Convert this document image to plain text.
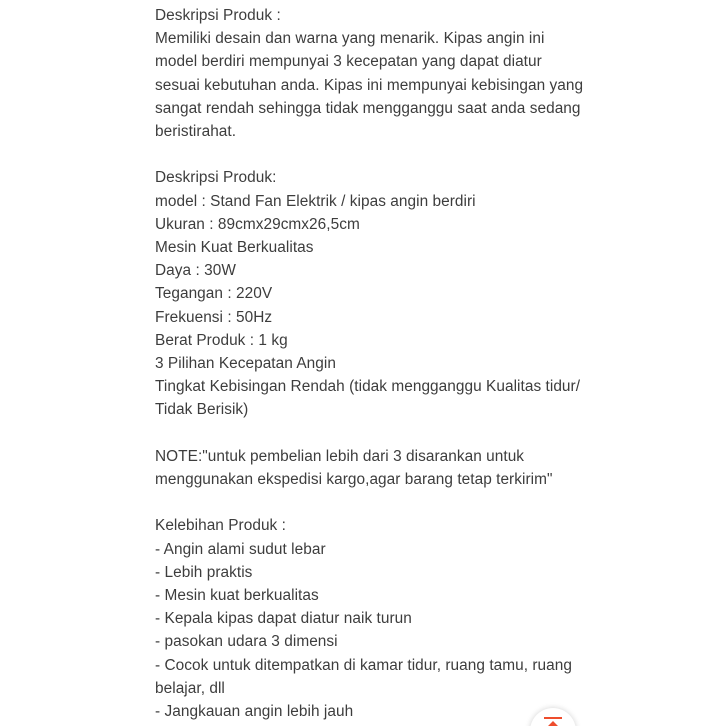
Deskripsi Produk :
Memiliki desain dan warna yang menarik. Kipas angin ini
model berdiri mempunyai 3 kecepatan yang dapat diatur
sesuai kebutuhan anda. Kipas ini mempunyai kebisingan yang
sangat rendah sehingga tidak mengganggu saat anda sedang
beristirahat.
Deskripsi Produk:
model : Stand Fan Elektrik / kipas angin berdiri
Ukuran : 89cmx29cmx26,5cm
Mesin Kuat Berkualitas
Daya : 30W
Tegangan : 220V
Frekuensi : 50Hz
Berat Produk : 1 kg
3 Pilihan Kecepatan Angin
Tingkat Kebisingan Rendah (tidak mengganggu Kualitas tidur/
Tidak Berisik)
NOTE:"untuk pembelian lebih dari 3 disarankan untuk
menggunakan ekspedisi kargo,agar barang tetap terkirim"
Kelebihan Produk :
- Angin alami sudut lebar
- Lebih praktis
- Mesin kuat berkualitas
- Kepala kipas dapat diatur naik turun
- pasokan udara 3 dimensi
- Cocok untuk ditempatkan di kamar tidur, ruang tamu, ruang
belajar, dll
- Jangkauan angin lebih jauh
